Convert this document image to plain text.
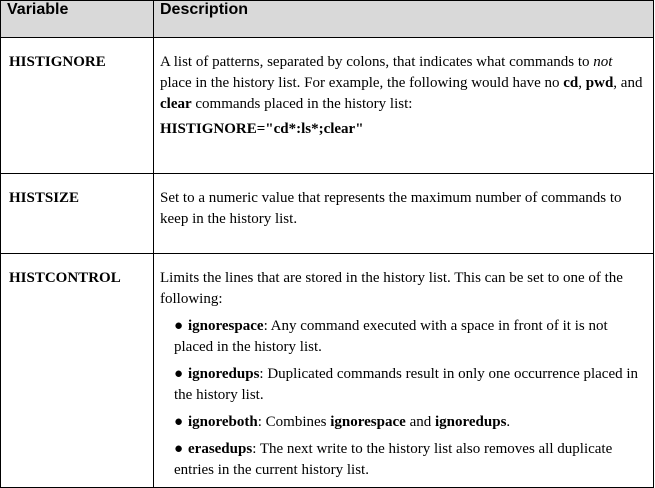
Variable	Description
HISTIGNORE	A list of patterns, separated by colons, that indicates what commands to not place in the history list. For example, the following would have no cd, pwd, and clear commands placed in the history list:

HISTIGNORE="cd*:ls*;clear"

HISTSIZE	Set to a numeric value that represents the maximum number of commands to keep in the history list.

HISTCONTROL	Limits the lines that are stored in the history list. This can be set to one of the following:

● ignorespace: Any command executed with a space in front of it is not placed in the history list.

● ignoredups: Duplicated commands result in only one occurrence placed in the history list.

● ignoreboth: Combines ignorespace and ignoredups.

● erasedups: The next write to the history list also removes all duplicate entries in the current history list.
